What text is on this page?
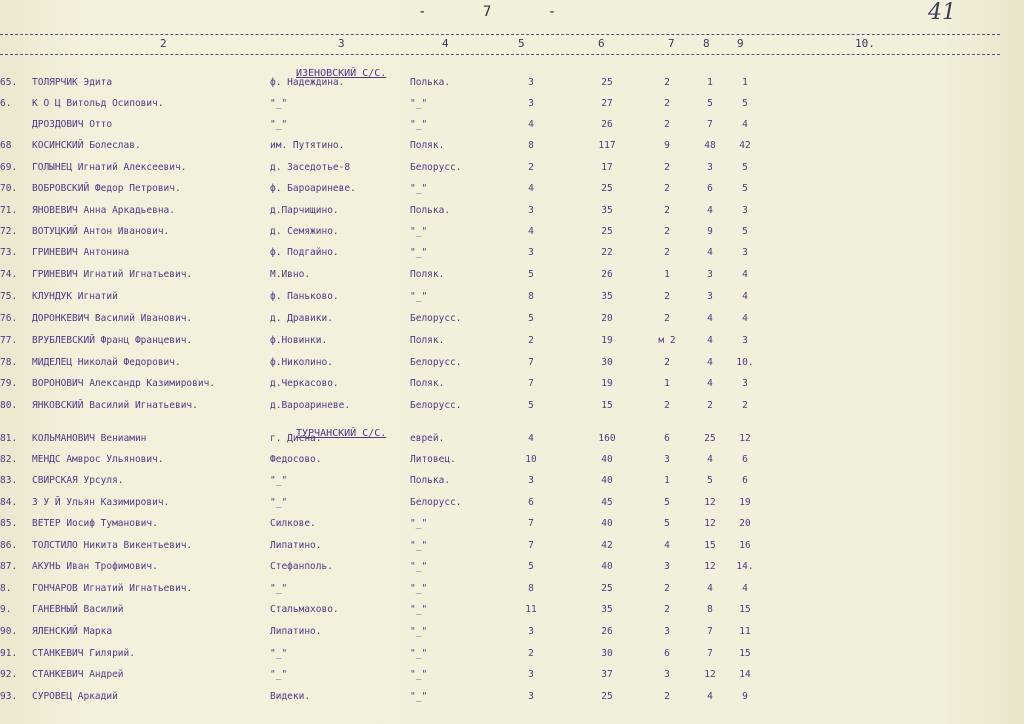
- 7 -	41
2	3	4	5	6	7	8 9	10.
ИЗЕНОВСКИЙ С/С.
ТУРЧАНСКИЙ С/С.
65. ТОЛЯРЧИК Эдита	ф. Надеждина.	Полька.	3	25	2	1	1
6. К О Ц Витольд Осипович.	"_"	"_"	3	27	2	5	5
ДРОЗДОВИЧ Отто	"_"	"_"	4	26	2	7	4
68 КОСИНСКИЙ Болеслав.	им. Путятино.	Поляк.	8	117	9	48	42
69. ГОЛЫНЕЦ Игнатий Алексеевич.	д. Заседотье-8	Белорусс.	2	17	2	3	5
70. ВОБРОВСКИЙ Федор Петрович.	ф. Бароариневе.	"_"	4	25	2	6	5
71. ЯНОВЕВИЧ Анна Аркадьевна.	д.Парчищино.	Полька.	3	35	2	4	3
72. ВОТУЦКИЙ Антон Иванович.	д. Семяжино.	"_"	4	25	2	9	5
73. ГРИНЕВИЧ Антонина	ф. Подгайно.	"_"	3	22	2	4	3
74. ГРИНЕВИЧ Игнатий Игнатьевич.	М.Ивно.	Поляк.	5	26	1	3	4
75. КЛУНДУК Игнатий	ф. Паньково.	"_"	8	35	2	3	4
76. ДОРОНКЕВИЧ Василий Иванович.	д. Дравики.	Белорусс.	5	20	2	4	4
77. ВРУБЛЕВСКИЙ Франц Францевич.	ф.Новинки.	Поляк.	2	19	м 2	4	3
78. МИДЕЛЕЦ Николай Федорович.	ф.Николино.	Белорусс.	7	30	2	4	10.
79. ВОРОНОВИЧ Александр Казимирович.	д.Черкасово.	Поляк.	7	19	1	4	3
80. ЯНКОВСКИЙ Василий Игнатьевич.	д.Вароариневе.	Белорусс.	5	15	2	2	2
81. КОЛЬМАНОВИЧ Вениамин	г. Дисна.	еврей.	4	160	6	25	12
82. МЕНДС Амврос Ульянович.	Федосово.	Литовец.	10	40	3	4	6
83. СВИРСКАЯ Урсуля.	"_"	Полька.	3	40	1	5	6
84. З У Й Ульян Казимирович.	"_"	Белорусс.	6	45	5	12	19
85. ВЕТЕР Иосиф Туманович.	Силкове.	"_"	7	40	5	12	20
86. ТОЛСТИЛО Никита Викентьевич.	Липатино.	"_"	7	42	4	15	16
87. АКУНЬ Иван Трофимович.	Стефанполь.	"_"	5	40	3	12	14.
8. ГОНЧАРОВ Игнатий Игнатьевич.	"_"	"_"	8	25	2	4	4
9. ГАНЕВНЫЙ Василий	Стальмахово.	"_"	11	35	2	8	15
90. ЯЛЕНСКИЙ Марка	Липатино.	"_"	3	26	3	7	11
91. СТАНКЕВИЧ Гилярий.	"_"	"_"	2	30	6	7	15
92. СТАНКЕВИЧ Андрей	"_"	"_"	3	37	3	12	14
93. СУРОВЕЦ Аркадий	Видеки.	"_"	3	25	2	4	9
